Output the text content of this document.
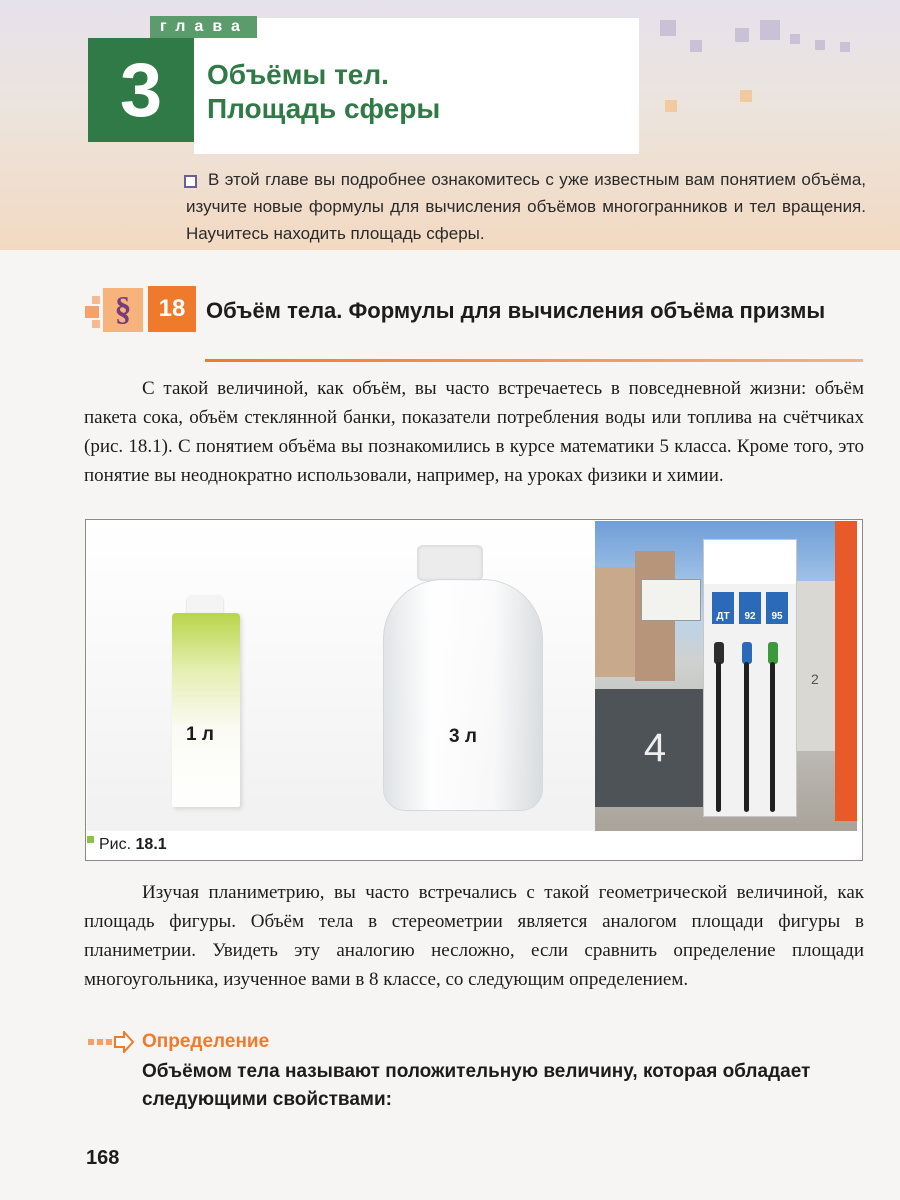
3
глава
Объёмы тел.
Площадь сферы
В этой главе вы подробнее ознакомитесь с уже известным вам понятием объёма, изучите новые формулы для вычисления объёмов многогранников и тел вращения. Научитесь находить площадь сферы.
§ 18 Объём тела. Формулы для вычисления объёма призмы
С такой величиной, как объём, вы часто встречаетесь в повседневной жизни: объём пакета сока, объём стеклянной банки, показатели потребления воды или топлива на счётчиках (рис. 18.1). С понятием объёма вы познакомились в курсе математики 5 класса. Кроме того, это понятие вы неоднократно использовали, например, на уроках физики и химии.
1 л	3 л	4
2
ДТ	92	95
Рис. 18.1
Изучая планиметрию, вы часто встречались с такой геометрической величиной, как площадь фигуры. Объём тела в стереометрии является аналогом площади фигуры в планиметрии. Увидеть эту аналогию несложно, если сравнить определение площади многоугольника, изученное вами в 8 классе, со следующим определением.
Определение
Объёмом тела называют положительную величину, которая обладает следующими свойствами:
168
